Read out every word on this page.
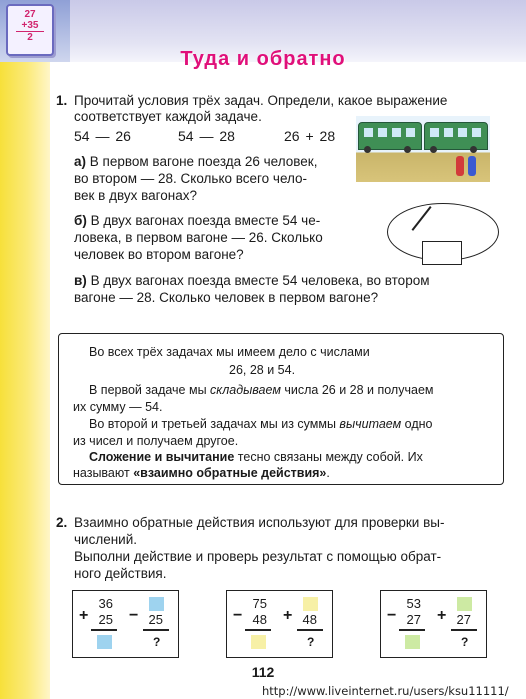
27
+35
2
Туда и обратно
1. Прочитай условия трёх задач. Определи, какое выражение
соответствует каждой задаче.
54 — 26	54 — 28	26 + 28
а) В первом вагоне поезда 26 человек,
во втором — 28. Сколько всего чело-
век в двух вагонах?
б) В двух вагонах поезда вместе 54 че-
ловека, в первом вагоне — 26. Сколько
человек во втором вагоне?
в) В двух вагонах поезда вместе 54 человека, во втором
вагоне — 28. Сколько человек в первом вагоне?
Во всех трёх задачах мы имеем дело с числами
26, 28 и 54.
В первой задаче мы складываем числа 26 и 28 и получаем
их сумму — 54.
Во второй и третьей задачах мы из суммы вычитаем одно
из чисел и получаем другое.
Сложение и вычитание тесно связаны между собой. Их
называют «взаимно обратные действия».
2. Взаимно обратные действия используют для проверки вы-
числений.
Выполни действие и проверь результат с помощью обрат-
ного действия.
+
36
25 − 25
?
−
75
48 + 48
?
−
53
27 + 27
?
112
http://www.liveinternet.ru/users/ksu11111/
